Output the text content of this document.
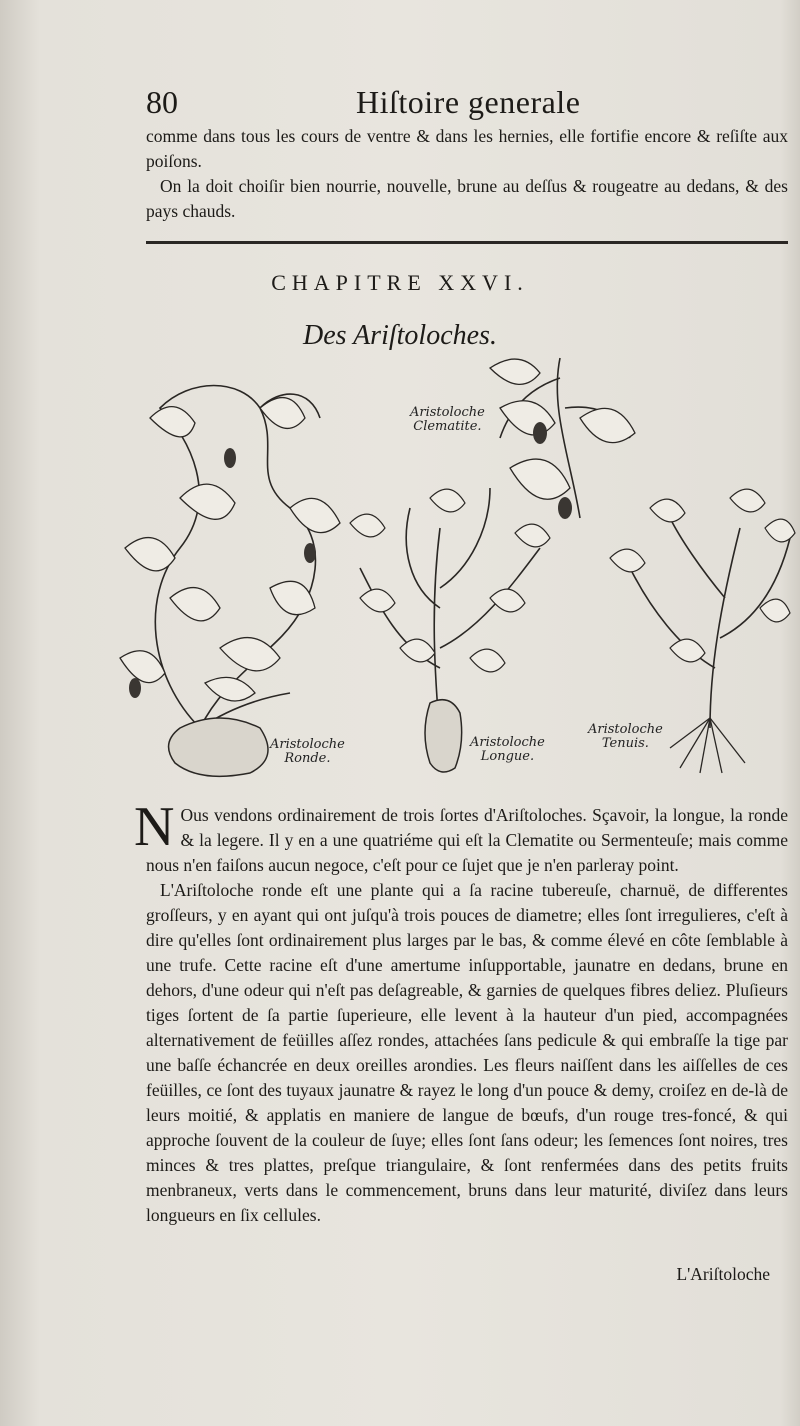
80	Hiſtoire generale

comme dans tous les cours de ventre & dans les hernies, elle fortifie encore & reſiſte aux poiſons.

On la doit choiſir bien nourrie, nouvelle, brune au deſſus & rougeatre au dedans, & des pays chauds.

CHAPITRE XXVI.
Des Ariſtoloches.
Aristoloche
Clematite.
Aristoloche
Ronde.
Aristoloche
Longue.
Aristoloche
Tenuis.

N Ous vendons ordinairement de trois ſortes d'Ariſtoloches. Sçavoir, la longue, la ronde & la legere. Il y en a une quatriéme qui eſt la Clematite ou Sermenteuſe; mais comme nous n'en faiſons aucun negoce, c'eſt pour ce ſujet que je n'en parleray point.

L'Ariſtoloche ronde eſt une plante qui a ſa racine tubereuſe, charnuë, de differentes groſſeurs, y en ayant qui ont juſqu'à trois pouces de diametre; elles ſont irregulieres, c'eſt à dire qu'elles ſont ordinairement plus larges par le bas, & comme élevé en côte ſemblable à une trufe. Cette racine eſt d'une amertume inſupportable, jaunatre en dedans, brune en dehors, d'une odeur qui n'eſt pas deſagreable, & garnies de quelques fibres deliez. Pluſieurs tiges ſortent de ſa partie ſuperieure, elle levent à la hauteur d'un pied, accompagnées alternativement de feüilles aſſez rondes, attachées ſans pedicule & qui embraſſe la tige par une baſſe échancrée en deux oreilles arondies. Les fleurs naiſſent dans les aiſſelles de ces feüilles, ce ſont des tuyaux jaunatre & rayez le long d'un pouce & demy, croiſez en de-là de leurs moitié, & applatis en maniere de langue de bœufs, d'un rouge tres-foncé, & qui approche ſouvent de la couleur de ſuye; elles ſont ſans odeur; les ſemences ſont noires, tres minces & tres plattes, preſque triangulaire, & ſont renfermées dans des petits fruits menbraneux, verts dans le commencement, bruns dans leur maturité, diviſez dans leurs longueurs en ſix cellules.

L'Ariſtoloche
